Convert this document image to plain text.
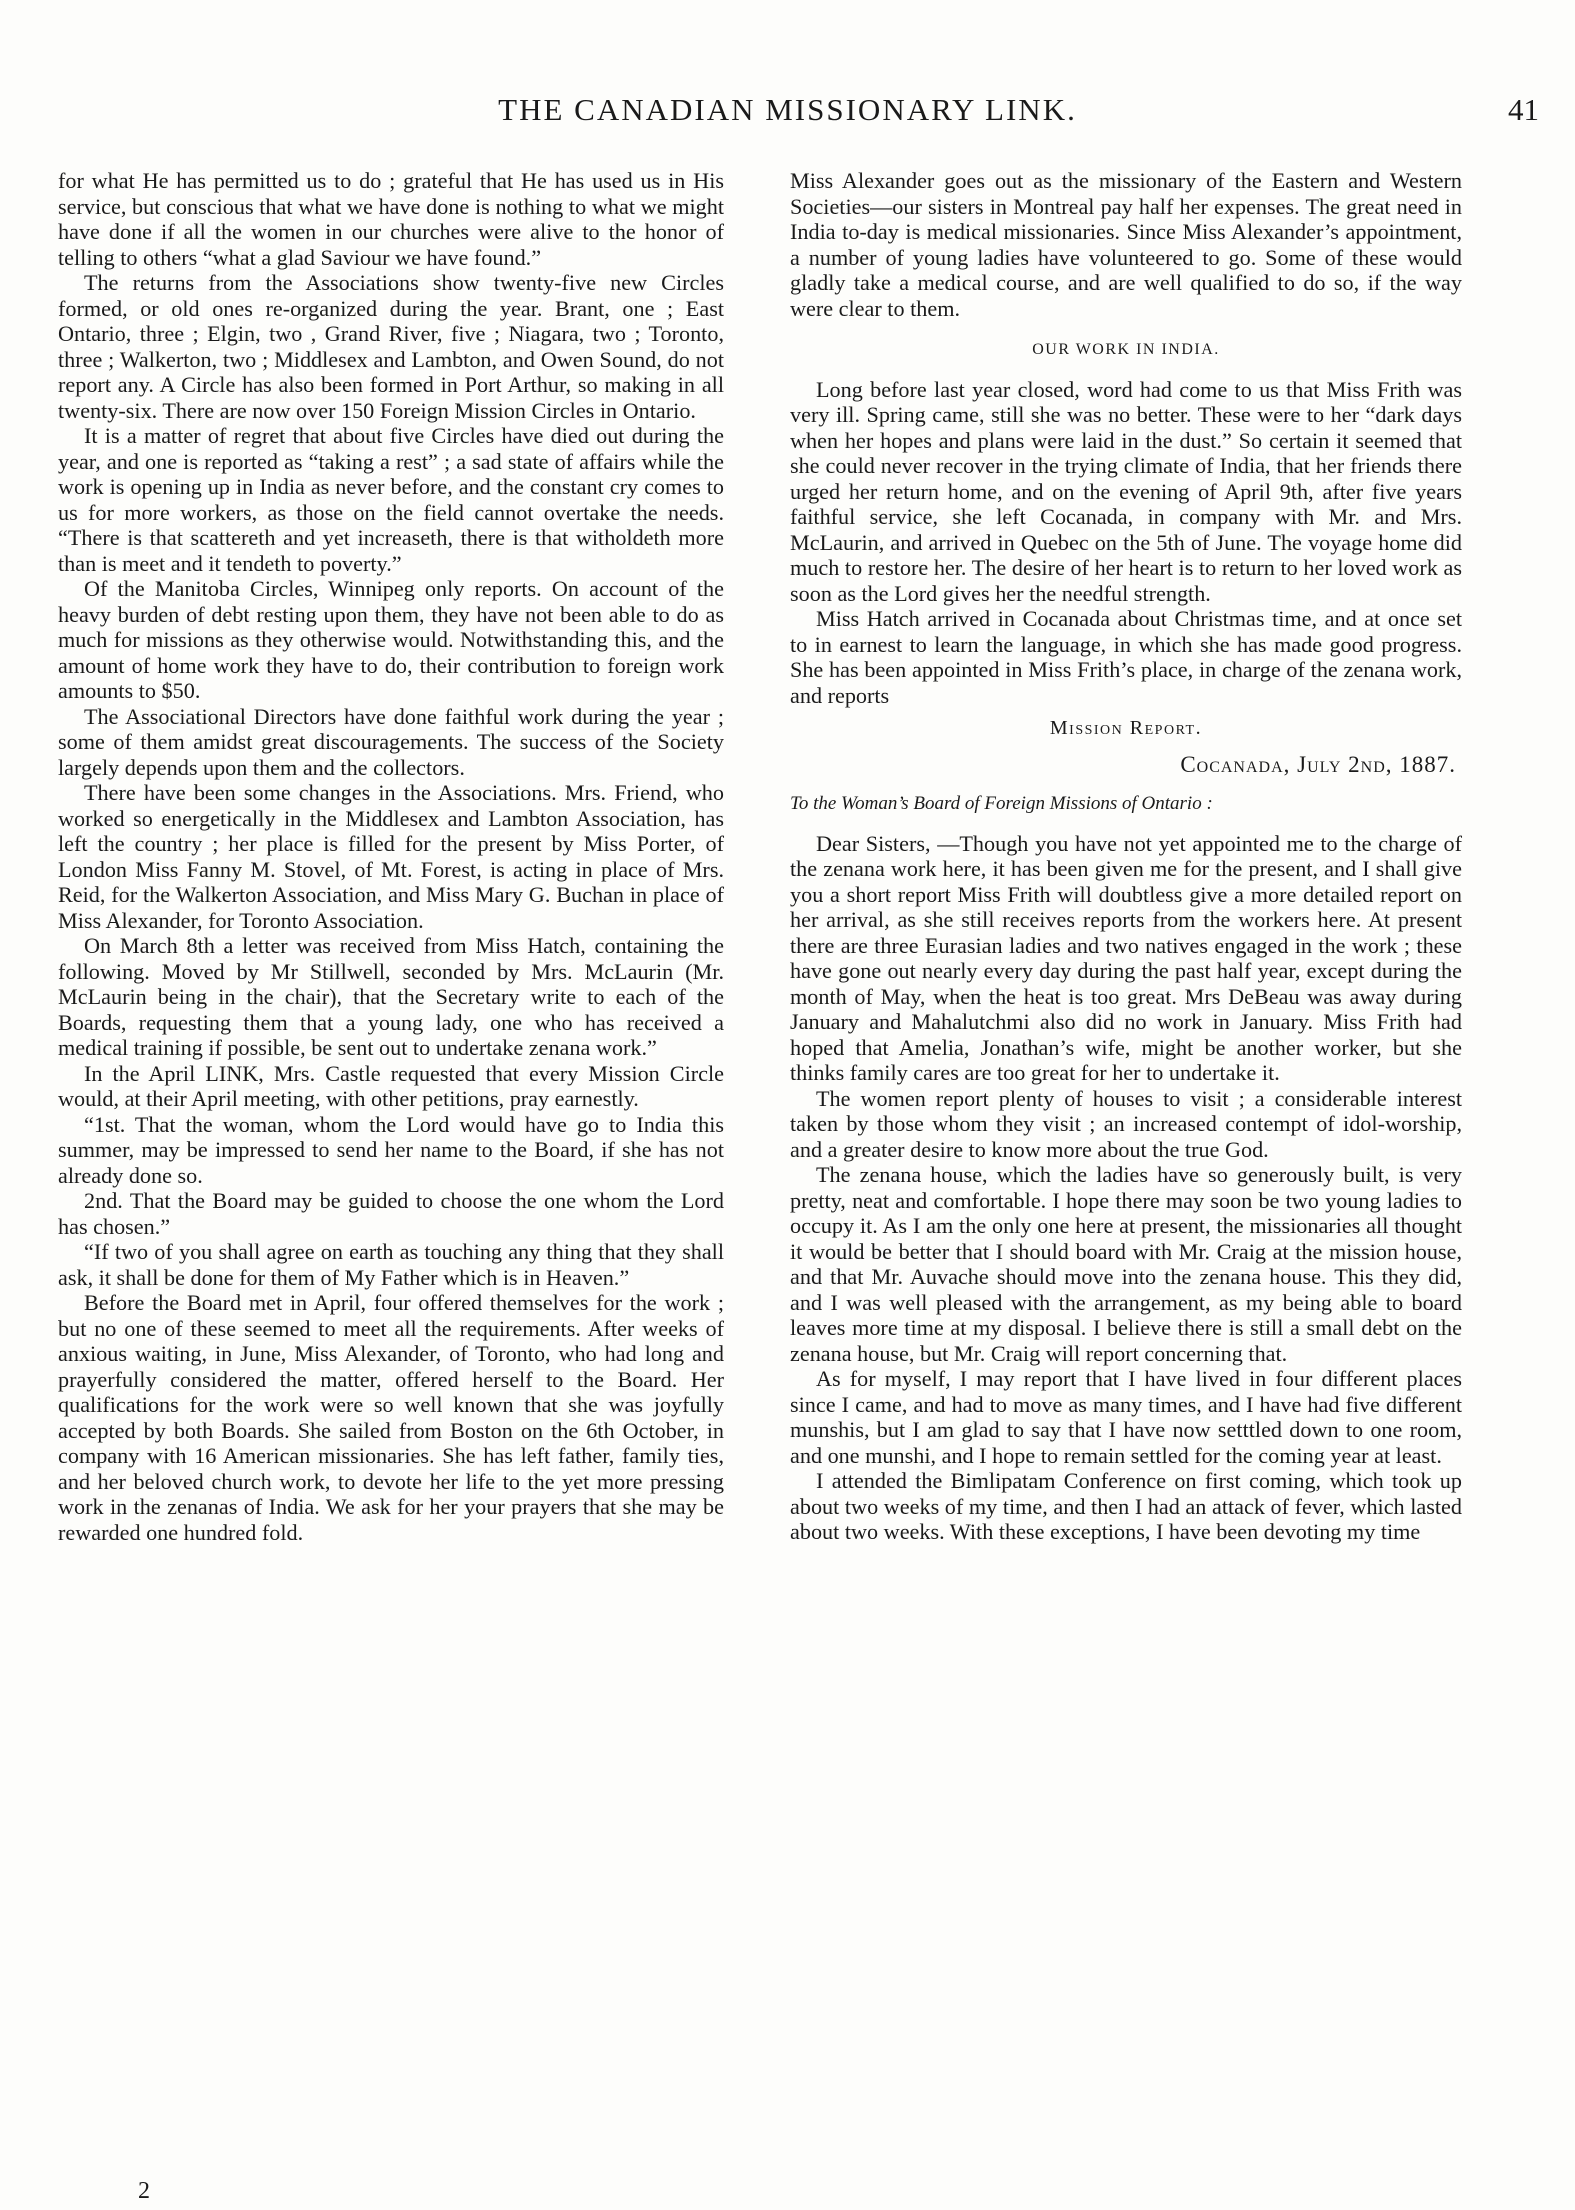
THE CANADIAN MISSIONARY LINK.	41

for what He has permitted us to do ; grateful that He has used us in His service, but conscious that what we have done is nothing to what we might have done if all the women in our churches were alive to the honor of telling to others “what a glad Saviour we have found.”

The returns from the Associations show twenty-five new Circles formed, or old ones re-organized during the year. Brant, one ; East Ontario, three ; Elgin, two , Grand River, five ; Niagara, two ; Toronto, three ; Walkerton, two ; Middlesex and Lambton, and Owen Sound, do not report any. A Circle has also been formed in Port Arthur, so making in all twenty-six. There are now over 150 Foreign Mission Circles in Ontario.

It is a matter of regret that about five Circles have died out during the year, and one is reported as “taking a rest” ; a sad state of affairs while the work is opening up in India as never before, and the constant cry comes to us for more workers, as those on the field cannot overtake the needs. “There is that scattereth and yet increaseth, there is that witholdeth more than is meet and it tendeth to poverty.”

Of the Manitoba Circles, Winnipeg only reports. On account of the heavy burden of debt resting upon them, they have not been able to do as much for missions as they otherwise would. Notwithstanding this, and the amount of home work they have to do, their contribution to foreign work amounts to $50.

The Associational Directors have done faithful work during the year ; some of them amidst great discouragements. The success of the Society largely depends upon them and the collectors.

There have been some changes in the Associations. Mrs. Friend, who worked so energetically in the Middlesex and Lambton Association, has left the country ; her place is filled for the present by Miss Porter, of London Miss Fanny M. Stovel, of Mt. Forest, is acting in place of Mrs. Reid, for the Walkerton Association, and Miss Mary G. Buchan in place of Miss Alexander, for Toronto Association.

On March 8th a letter was received from Miss Hatch, containing the following. Moved by Mr Stillwell, seconded by Mrs. McLaurin (Mr. McLaurin being in the chair), that the Secretary write to each of the Boards, requesting them that a young lady, one who has received a medical training if possible, be sent out to undertake zenana work.”

In the April LINK, Mrs. Castle requested that every Mission Circle would, at their April meeting, with other petitions, pray earnestly.

“1st. That the woman, whom the Lord would have go to India this summer, may be impressed to send her name to the Board, if she has not already done so.

2nd. That the Board may be guided to choose the one whom the Lord has chosen.”

“If two of you shall agree on earth as touching any thing that they shall ask, it shall be done for them of My Father which is in Heaven.”

Before the Board met in April, four offered themselves for the work ; but no one of these seemed to meet all the requirements. After weeks of anxious waiting, in June, Miss Alexander, of Toronto, who had long and prayerfully considered the matter, offered herself to the Board. Her qualifications for the work were so well known that she was joyfully accepted by both Boards. She sailed from Boston on the 6th October, in company with 16 American missionaries. She has left father, family ties, and her beloved church work, to devote her life to the yet more pressing work in the zenanas of India. We ask for her your prayers that she may be rewarded one hundred fold.

Miss Alexander goes out as the missionary of the Eastern and Western Societies—our sisters in Montreal pay half her expenses. The great need in India to-day is medical missionaries. Since Miss Alexander’s appointment, a number of young ladies have volunteered to go. Some of these would gladly take a medical course, and are well qualified to do so, if the way were clear to them.

OUR WORK IN INDIA.

Long before last year closed, word had come to us that Miss Frith was very ill. Spring came, still she was no better. These were to her “dark days when her hopes and plans were laid in the dust.” So certain it seemed that she could never recover in the trying climate of India, that her friends there urged her return home, and on the evening of April 9th, after five years faithful service, she left Cocanada, in company with Mr. and Mrs. McLaurin, and arrived in Quebec on the 5th of June. The voyage home did much to restore her. The desire of her heart is to return to her loved work as soon as the Lord gives her the needful strength.

Miss Hatch arrived in Cocanada about Christmas time, and at once set to in earnest to learn the language, in which she has made good progress. She has been appointed in Miss Frith’s place, in charge of the zenana work, and reports

Mission Report.
Cocanada, July 2nd, 1887.
To the Woman’s Board of Foreign Missions of Ontario :

Dear Sisters, —Though you have not yet appointed me to the charge of the zenana work here, it has been given me for the present, and I shall give you a short report Miss Frith will doubtless give a more detailed report on her arrival, as she still receives reports from the workers here. At present there are three Eurasian ladies and two natives engaged in the work ; these have gone out nearly every day during the past half year, except during the month of May, when the heat is too great. Mrs DeBeau was away during January and Mahalutchmi also did no work in January. Miss Frith had hoped that Amelia, Jonathan’s wife, might be another worker, but she thinks family cares are too great for her to undertake it.

The women report plenty of houses to visit ; a considerable interest taken by those whom they visit ; an increased contempt of idol-worship, and a greater desire to know more about the true God.

The zenana house, which the ladies have so generously built, is very pretty, neat and comfortable. I hope there may soon be two young ladies to occupy it. As I am the only one here at present, the missionaries all thought it would be better that I should board with Mr. Craig at the mission house, and that Mr. Auvache should move into the zenana house. This they did, and I was well pleased with the arrangement, as my being able to board leaves more time at my disposal. I believe there is still a small debt on the zenana house, but Mr. Craig will report concerning that.

As for myself, I may report that I have lived in four different places since I came, and had to move as many times, and I have had five different munshis, but I am glad to say that I have now setttled down to one room, and one munshi, and I hope to remain settled for the coming year at least.

I attended the Bimlipatam Conference on first coming, which took up about two weeks of my time, and then I had an attack of fever, which lasted about two weeks. With these exceptions, I have been devoting my time

2
